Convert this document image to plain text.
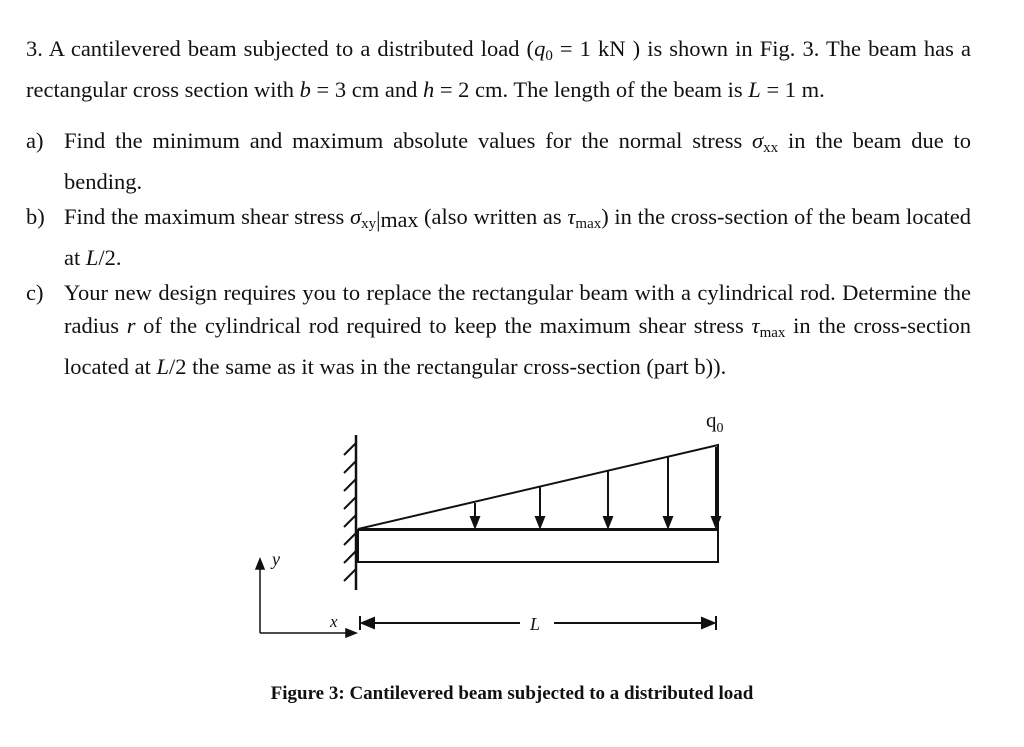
3. A cantilevered beam subjected to a distributed load ($q_0 = 1$ kN ) is shown in Fig. 3. The beam has a rectangular cross section with b = 3 cm and h = 2 cm. The length of the beam is L = 1 m.

a) Find the minimum and maximum absolute values for the normal stress $\sigma_{xx}$ in the beam due to bending.
b) Find the maximum shear stress $\sigma_{xy}|\max$ (also written as $\tau_{max}$) in the cross-section of the beam located at L/2.
c) Your new design requires you to replace the rectangular beam with a cylindrical rod. Determine the radius r of the cylindrical rod required to keep the maximum shear stress $\tau_{max}$ in the cross-section located at L/2 the same as it was in the rectangular cross-section (part b)).
$q_0$
y
x	L
Figure 3: Cantilevered beam subjected to a distributed load
